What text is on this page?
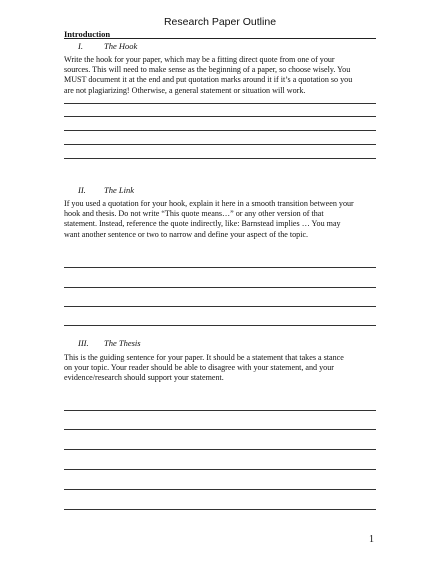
Research Paper Outline
Introduction
I. The Hook

Write the hook for your paper, which may be a fitting direct quote from one of your

sources. This will need to make sense as the beginning of a paper, so choose wisely. You

MUST document it at the end and put quotation marks around it if it’s a quotation so you

are not plagiarizing! Otherwise, a general statement or situation will work.

II. The Link

If you used a quotation for your hook, explain it here in a smooth transition between your

hook and thesis. Do not write “This quote means…” or any other version of that

statement. Instead, reference the quote indirectly, like: Barnstead implies … You may

want another sentence or two to narrow and define your aspect of the topic.

III. The Thesis

This is the guiding sentence for your paper. It should be a statement that takes a stance

on your topic. Your reader should be able to disagree with your statement, and your

evidence/research should support your statement.

1
